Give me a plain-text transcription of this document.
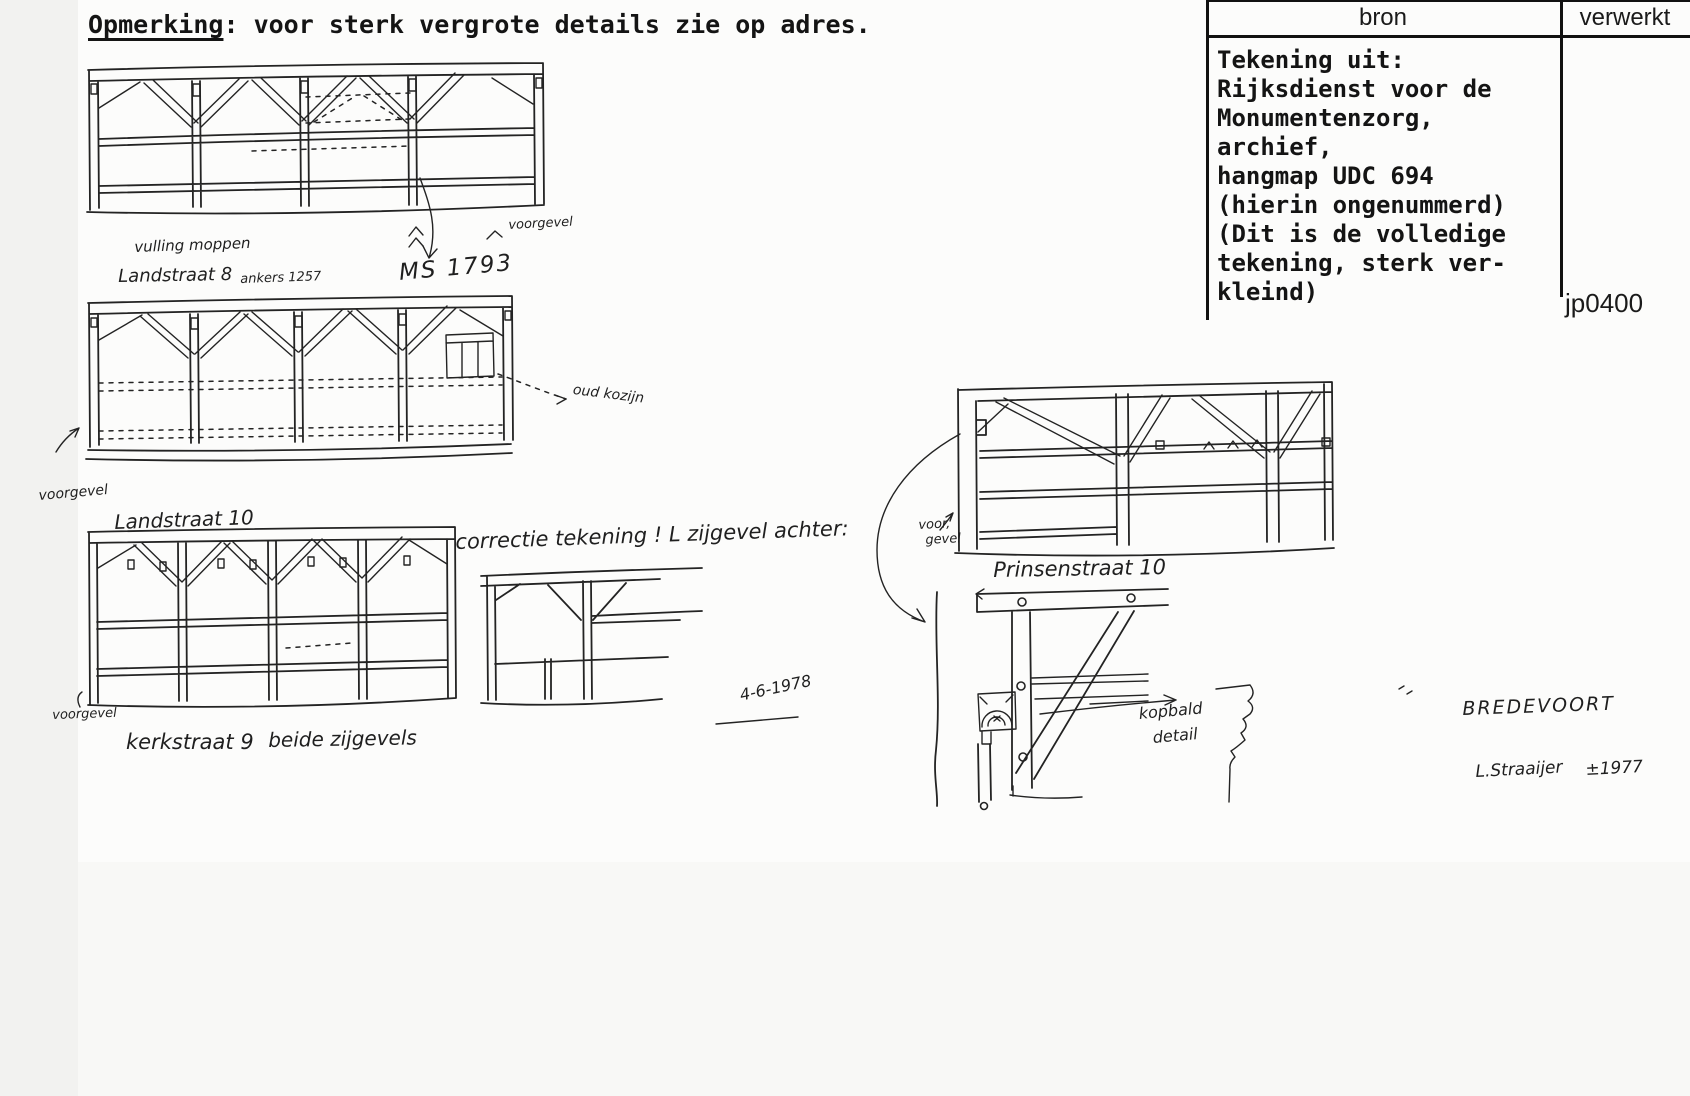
Opmerking: voor sterk vergrote details zie op adres.	bron	verwerkt
Tekening uit:
Rijksdienst voor de
Monumentenzorg,
archief,
hangmap UDC 694
(hierin ongenummerd)
(Dit is de volledige
tekening, sterk ver-
kleind)	jp0400
vulling moppen
Landstraat 8 ankers 1257	MS 1793
voorgevel
voorgevel
Landstraat 10
oud kozijn
voorgevel
kerkstraat 9 beide zijgevels
correctie tekening ! L zijgevel achter:
4-6-1978
voor,
gevel
Prinsenstraat 10
kopbald
detail
BREDEVOORT
L.Straaijer ±1977
